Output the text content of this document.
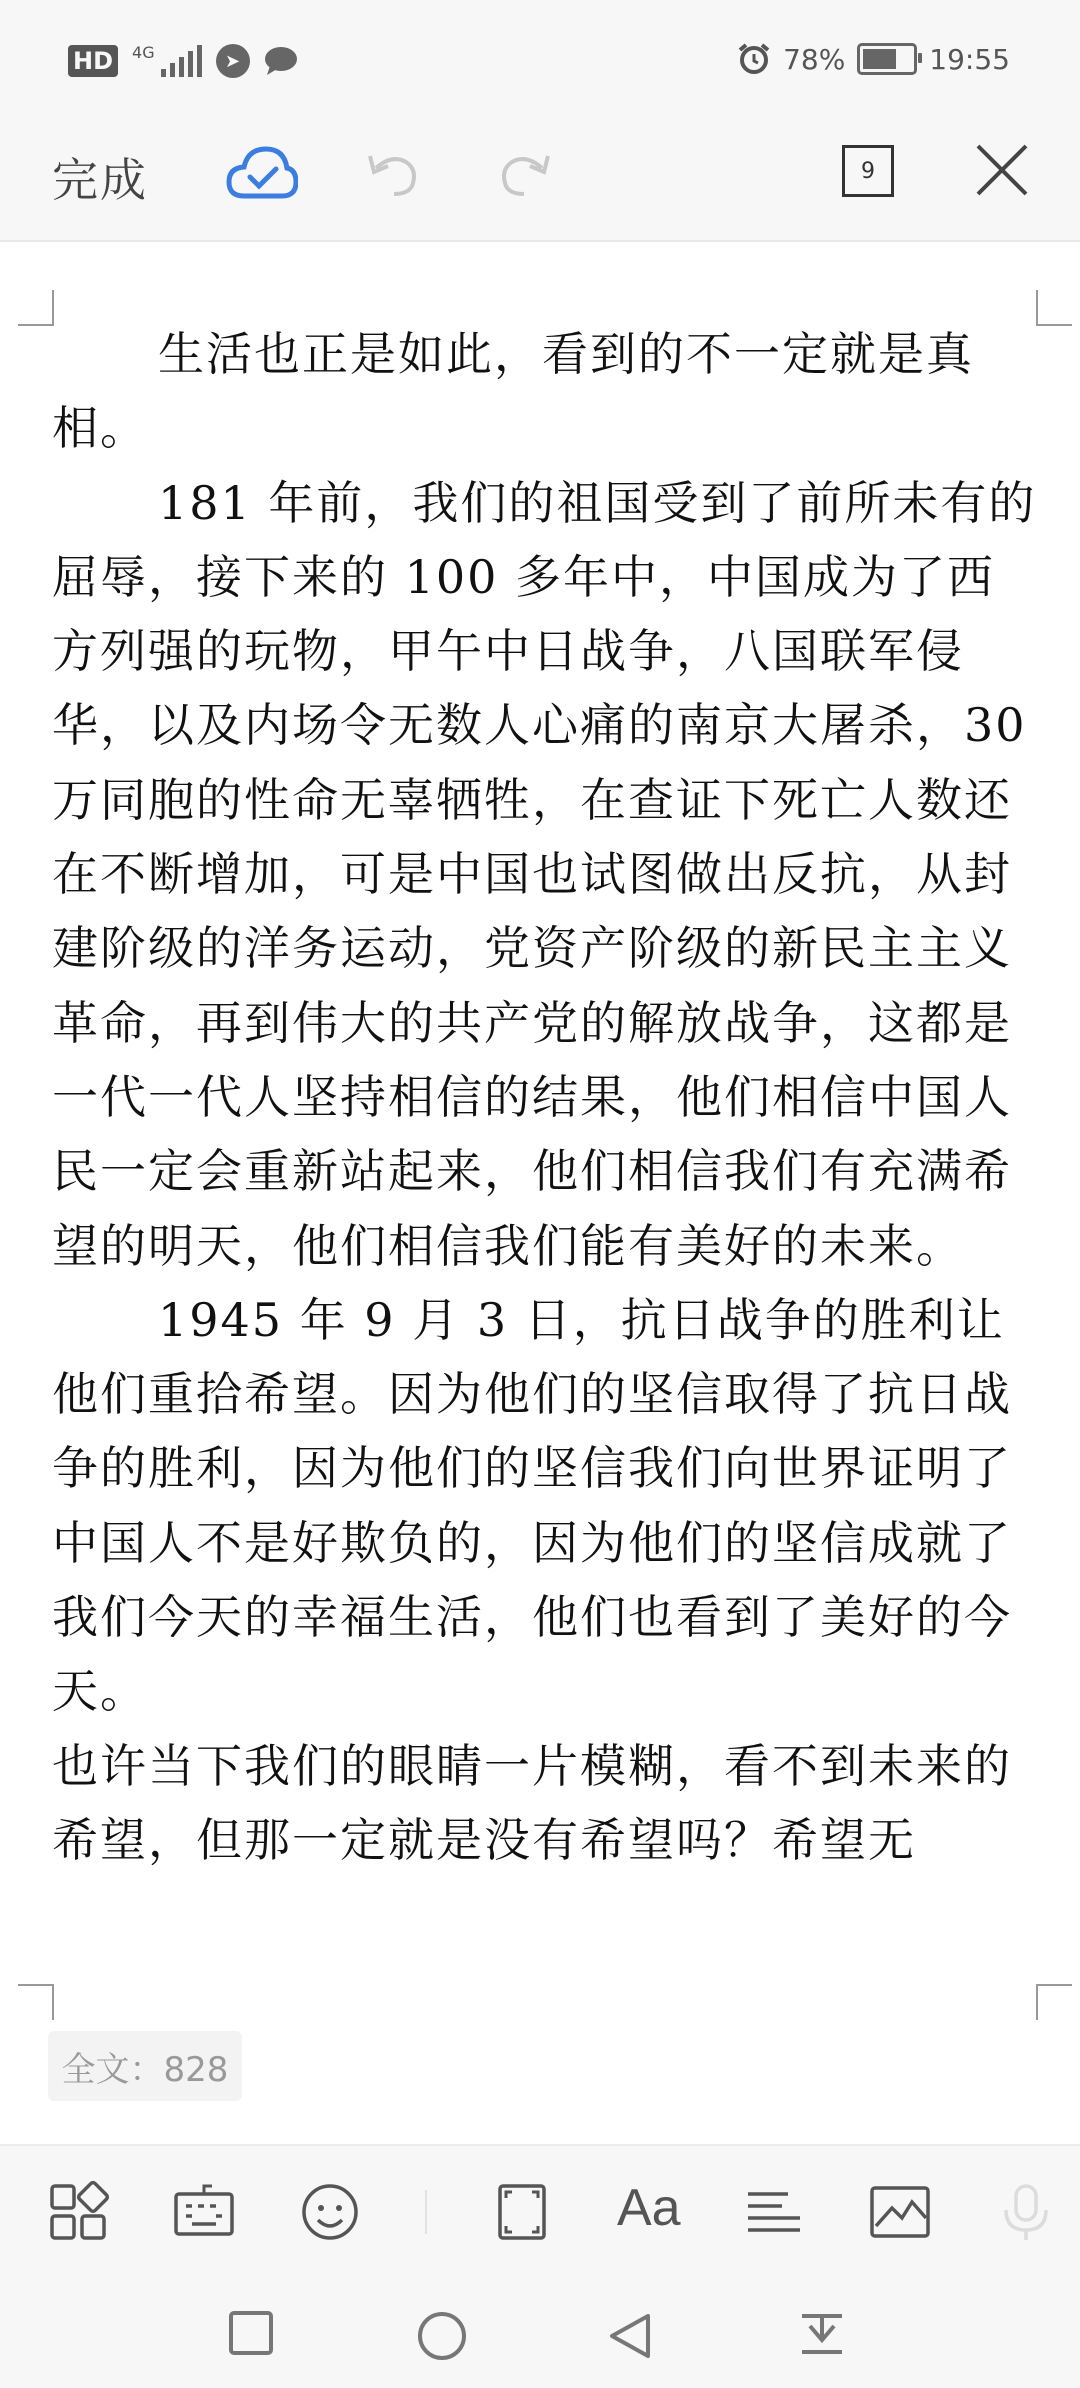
HD	4G	➤	78%	19:55
完成	9

生活也正是如此，看到的不一定就是真相。

181 年前，我们的祖国受到了前所未有的屈辱，接下来的 100 多年中，中国成为了西方列强的玩物，甲午中日战争，八国联军侵华，以及内场令无数人心痛的南京大屠杀，30 万同胞的性命无辜牺牲，在查证下死亡人数还在不断增加，可是中国也试图做出反抗，从封建阶级的洋务运动，党资产阶级的新民主主义革命，再到伟大的共产党的解放战争，这都是一代一代人坚持相信的结果，他们相信中国人民一定会重新站起来，他们相信我们有充满希望的明天，他们相信我们能有美好的未来。

1945 年 9 月 3 日，抗日战争的胜利让他们重拾希望。因为他们的坚信取得了抗日战争的胜利，因为他们的坚信我们向世界证明了中国人不是好欺负的，因为他们的坚信成就了我们今天的幸福生活，他们也看到了美好的今天。

也许当下我们的眼睛一片模糊，看不到未来的希望，但那一定就是没有希望吗？希望无

全文：828
Aa
